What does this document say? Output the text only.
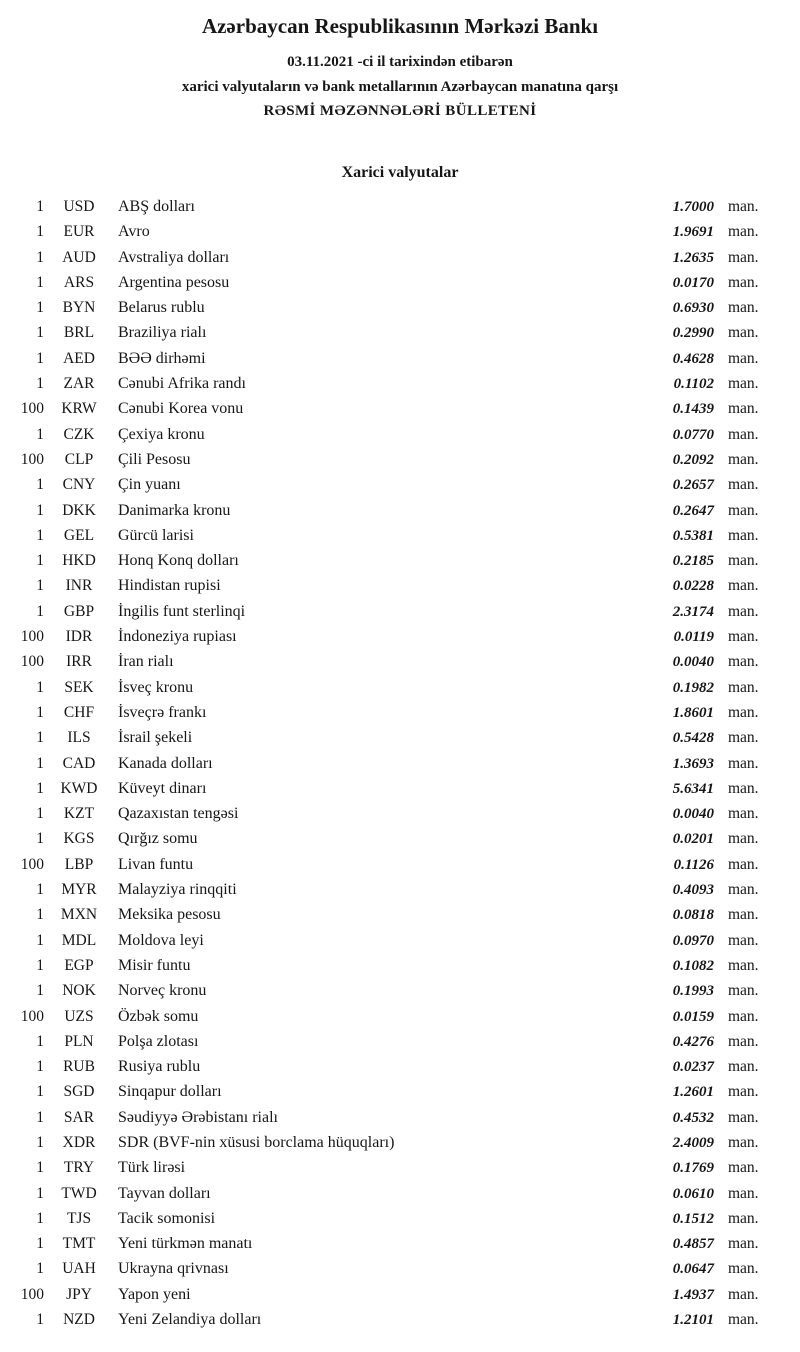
Azərbaycan Respublikasının Mərkəzi Bankı
03.11.2021 -ci il tarixindən etibarən
xarici valyutaların və bank metallarının Azərbaycan manatına qarşı
RƏSMİ MƏZƏNNƏLƏRİ BÜLLETENİ
Xarici valyutalar
1	USD	ABŞ dolları	1.7000 man.
1	EUR	Avro	1.9691 man.
1	AUD	Avstraliya dolları	1.2635 man.
1	ARS	Argentina pesosu	0.0170 man.
1	BYN	Belarus rublu	0.6930 man.
1	BRL	Braziliya rialı	0.2990 man.
1	AED	BƏƏ dirhəmi	0.4628 man.
1	ZAR	Cənubi Afrika randı	0.1102 man.
100	KRW	Cənubi Korea vonu	0.1439 man.
1	CZK	Çexiya kronu	0.0770 man.
100	CLP	Çili Pesosu	0.2092 man.
1	CNY	Çin yuanı	0.2657 man.
1	DKK	Danimarka kronu	0.2647 man.
1	GEL	Gürcü larisi	0.5381 man.
1	HKD	Honq Konq dolları	0.2185 man.
1	INR	Hindistan rupisi	0.0228 man.
1	GBP	İngilis funt sterlinqi	2.3174 man.
100	IDR	İndoneziya rupiası	0.0119 man.
100	IRR	İran rialı	0.0040 man.
1	SEK	İsveç kronu	0.1982 man.
1	CHF	İsveçrə frankı	1.8601 man.
1	ILS	İsrail şekeli	0.5428 man.
1	CAD	Kanada dolları	1.3693 man.
1	KWD	Küveyt dinarı	5.6341 man.
1	KZT	Qazaxıstan tengəsi	0.0040 man.
1	KGS	Qırğız somu	0.0201 man.
100	LBP	Livan funtu	0.1126 man.
1	MYR	Malayziya rinqqiti	0.4093 man.
1	MXN	Meksika pesosu	0.0818 man.
1	MDL	Moldova leyi	0.0970 man.
1	EGP	Misir funtu	0.1082 man.
1	NOK	Norveç kronu	0.1993 man.
100	UZS	Özbək somu	0.0159 man.
1	PLN	Polşa zlotası	0.4276 man.
1	RUB	Rusiya rublu	0.0237 man.
1	SGD	Sinqapur dolları	1.2601 man.
1	SAR	Səudiyyə Ərəbistanı rialı	0.4532 man.
1	XDR	SDR (BVF-nin xüsusi borclama hüquqları)	2.4009 man.
1	TRY	Türk lirəsi	0.1769 man.
1	TWD	Tayvan dolları	0.0610 man.
1	TJS	Tacik somonisi	0.1512 man.
1	TMT	Yeni türkmən manatı	0.4857 man.
1	UAH	Ukrayna qrivnası	0.0647 man.
100	JPY	Yapon yeni	1.4937 man.
1	NZD	Yeni Zelandiya dolları	1.2101 man.
